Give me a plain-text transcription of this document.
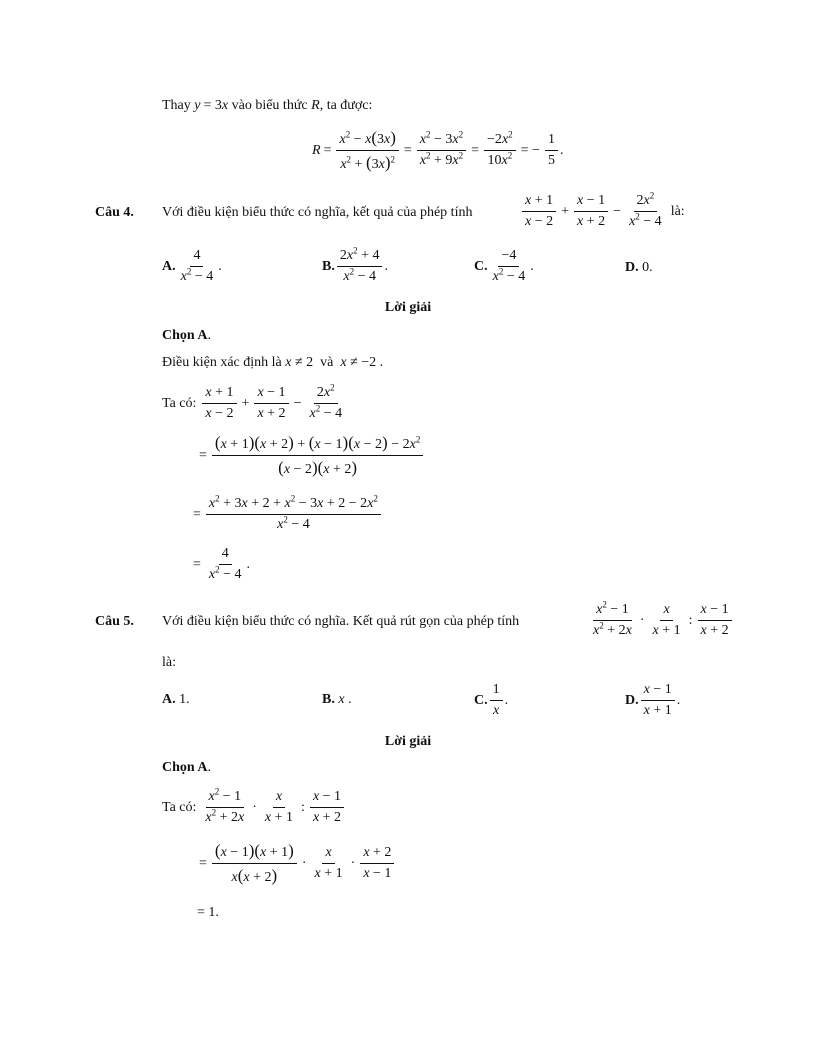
Thay
y = 3 x
vào biểu thức
R , ta được:
$R = \frac{x^2 - x(3x)}{x^2 + (3x)^2} = \frac{x^2 - 3x^2}{x^2 + 9x^2} = \frac{-2x^2}{10x^2}$ = − $\frac{1}{5}$ .
Câu 4. Với điều kiện biểu thức có nghĩa, kết quả của phép tính	$\frac{x + 1}{x - 2} + \frac{x - 1}{x + 2} - \frac{2x^2}{x^2 - 4}$ là:
A. $\frac{4}{x^2 - 4}$ .	B. $\frac{2x^2 + 4}{x^2 - 4}$ .	C. $\frac{-4}{x^2 - 4}$ .	D.
0.
Lời giải
Chọn A.
Điều kiện xác định là
x ≠ 2 và
x ≠ −2 .
Ta có: $\frac{x + 1}{x - 2} + \frac{x - 1}{x + 2} - \frac{2x^2}{x^2 - 4}$
= $\frac{(x + 1)(x + 2) + (x - 1)(x - 2) - 2x^2}{(x - 2)(x + 2)}$
= $\frac{x^2 + 3x + 2 + x^2 - 3x + 2 - 2x^2}{x^2 - 4}$
= $\frac{4}{x^2 - 4}$ .
Câu 5. Với điều kiện biểu thức có nghĩa. Kết quả rút gọn của phép tính	$\frac{x^2 - 1}{x^2 + 2x} \cdot \frac{x}{x + 1}$ : $\frac{x - 1}{x + 2}$
là:
A.
1.	B.
x .	C. $\frac{1}{x}$ .	D. $\frac{x - 1}{x + 1}$ .
Lời giải
Chọn A.
Ta có: $\frac{x^2 - 1}{x^2 + 2x} \cdot \frac{x}{x + 1}$ : $\frac{x - 1}{x + 2}$
= $\frac{(x - 1)(x + 1)}{x(x + 2)} \cdot \frac{x}{x + 1} \cdot \frac{x + 2}{x - 1}$
= 1.
